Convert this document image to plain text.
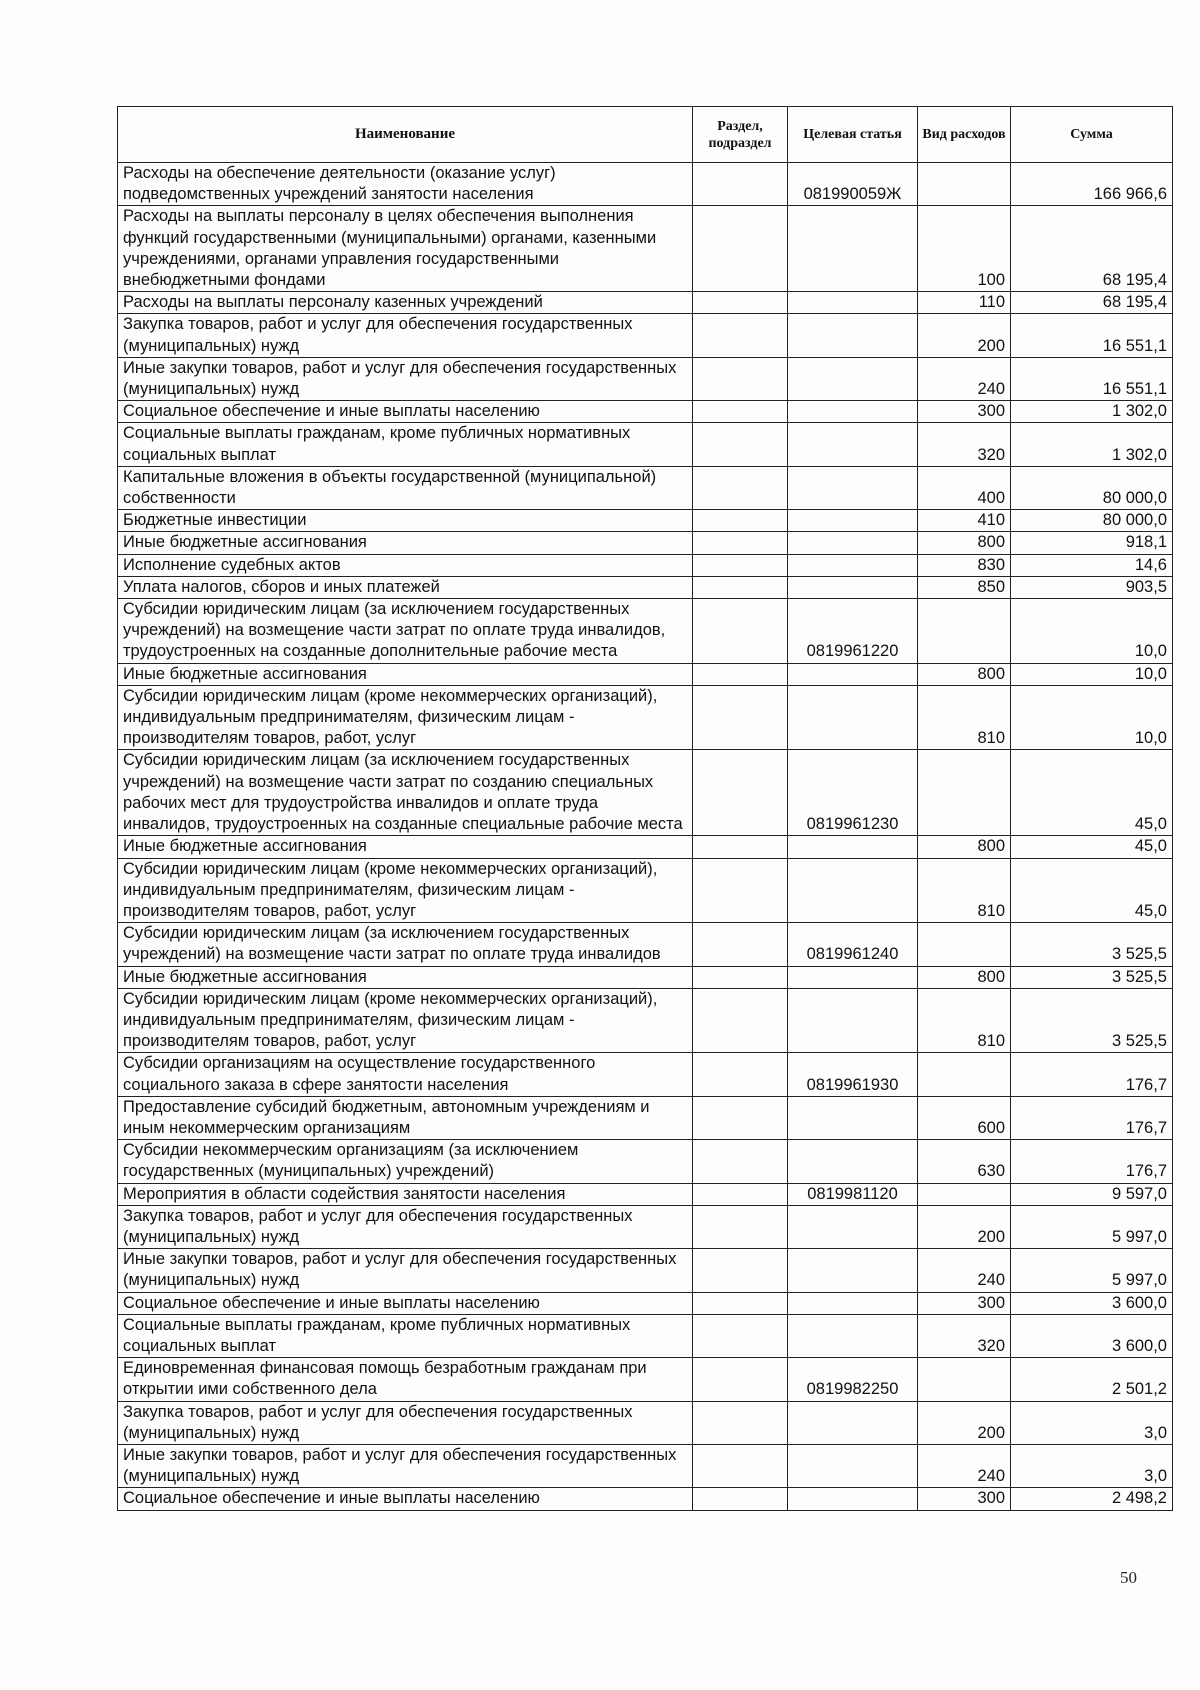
Наименование	Раздел, подраздел	Целевая статья	Вид расходов	Сумма
Расходы на обеспечение деятельности (оказание услуг) подведомственных учреждений занятости населения		081990059Ж		166 966,6
Расходы на выплаты персоналу в целях обеспечения выполнения функций государственными (муниципальными) органами, казенными учреждениями, органами управления государственными внебюджетными фондами			100	68 195,4
Расходы на выплаты персоналу казенных учреждений			110	68 195,4
Закупка товаров, работ и услуг для обеспечения государственных (муниципальных) нужд			200	16 551,1
Иные закупки товаров, работ и услуг для обеспечения государственных (муниципальных) нужд			240	16 551,1
Социальное обеспечение и иные выплаты населению			300	1 302,0
Социальные выплаты гражданам, кроме публичных нормативных социальных выплат			320	1 302,0
Капитальные вложения в объекты государственной (муниципальной) собственности			400	80 000,0
Бюджетные инвестиции			410	80 000,0
Иные бюджетные ассигнования			800	918,1
Исполнение судебных актов			830	14,6
Уплата налогов, сборов и иных платежей			850	903,5
Субсидии юридическим лицам (за исключением государственных учреждений) на возмещение части затрат по оплате труда инвалидов, трудоустроенных на созданные дополнительные рабочие места		0819961220		10,0
Иные бюджетные ассигнования			800	10,0
Субсидии юридическим лицам (кроме некоммерческих организаций), индивидуальным предпринимателям, физическим лицам - производителям товаров, работ, услуг			810	10,0
Субсидии юридическим лицам (за исключением государственных учреждений) на возмещение части затрат по созданию специальных рабочих мест для трудоустройства инвалидов и оплате труда инвалидов, трудоустроенных на созданные специальные рабочие места		0819961230		45,0
Иные бюджетные ассигнования			800	45,0
Субсидии юридическим лицам (кроме некоммерческих организаций), индивидуальным предпринимателям, физическим лицам - производителям товаров, работ, услуг			810	45,0
Субсидии юридическим лицам (за исключением государственных учреждений) на возмещение части затрат по оплате труда инвалидов		0819961240		3 525,5
Иные бюджетные ассигнования			800	3 525,5
Субсидии юридическим лицам (кроме некоммерческих организаций), индивидуальным предпринимателям, физическим лицам - производителям товаров, работ, услуг			810	3 525,5
Субсидии организациям на осуществление государственного социального заказа в сфере занятости населения		0819961930		176,7
Предоставление субсидий бюджетным, автономным учреждениям и иным некоммерческим организациям			600	176,7
Субсидии некоммерческим организациям (за исключением государственных (муниципальных) учреждений)			630	176,7
Мероприятия в области содействия занятости населения		0819981120		9 597,0
Закупка товаров, работ и услуг для обеспечения государственных (муниципальных) нужд			200	5 997,0
Иные закупки товаров, работ и услуг для обеспечения государственных (муниципальных) нужд			240	5 997,0
Социальное обеспечение и иные выплаты населению			300	3 600,0
Социальные выплаты гражданам, кроме публичных нормативных социальных выплат			320	3 600,0
Единовременная финансовая помощь безработным гражданам при открытии ими собственного дела		0819982250		2 501,2
Закупка товаров, работ и услуг для обеспечения государственных (муниципальных) нужд			200	3,0
Иные закупки товаров, работ и услуг для обеспечения государственных (муниципальных) нужд			240	3,0
Социальное обеспечение и иные выплаты населению			300	2 498,2
50
